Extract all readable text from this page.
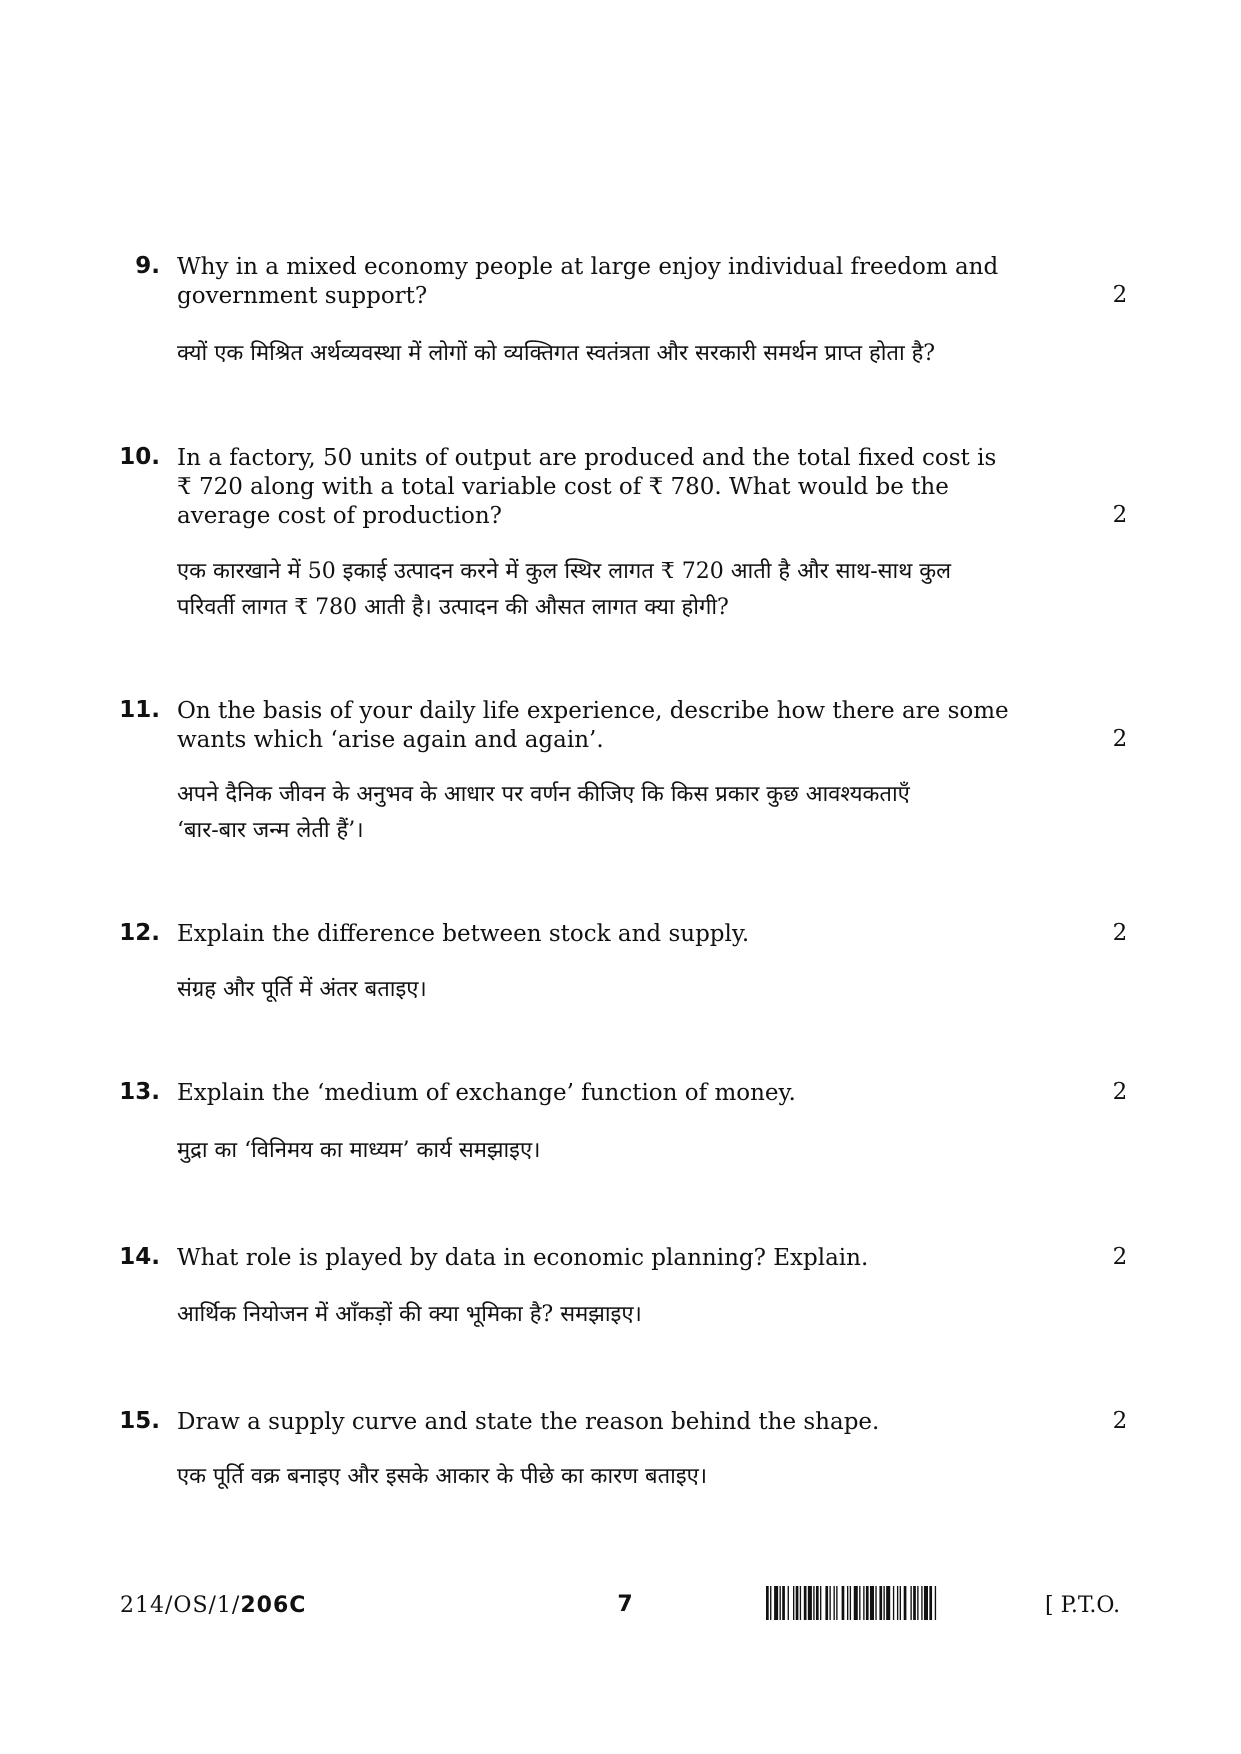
9. Why in a mixed economy people at large enjoy individual freedom and
government support?	2
क्यों एक मिश्रित अर्थव्यवस्था में लोगों को व्यक्तिगत स्वतंत्रता और सरकारी समर्थन प्राप्त होता है?
10. In a factory, 50 units of output are produced and the total fixed cost is
₹ 720 along with a total variable cost of ₹ 780. What would be the
average cost of production?	2
एक कारखाने में 50 इकाई उत्पादन करने में कुल स्थिर लागत ₹ 720 आती है और साथ-साथ कुल
परिवर्ती लागत ₹ 780 आती है। उत्पादन की औसत लागत क्या होगी?
11. On the basis of your daily life experience, describe how there are some
wants which ‘arise again and again’.	2
अपने दैनिक जीवन के अनुभव के आधार पर वर्णन कीजिए कि किस प्रकार कुछ आवश्यकताएँ
‘बार-बार जन्म लेती हैं’।
12. Explain the difference between stock and supply.	2
संग्रह और पूर्ति में अंतर बताइए।
13. Explain the ‘medium of exchange’ function of money.	2
मुद्रा का ‘विनिमय का माध्यम’ कार्य समझाइए।
14. What role is played by data in economic planning? Explain.	2
आर्थिक नियोजन में आँकड़ों की क्या भूमिका है? समझाइए।
15. Draw a supply curve and state the reason behind the shape.	2
एक पूर्ति वक्र बनाइए और इसके आकार के पीछे का कारण बताइए।
214/OS/1/206C	7	[ P.T.O.
